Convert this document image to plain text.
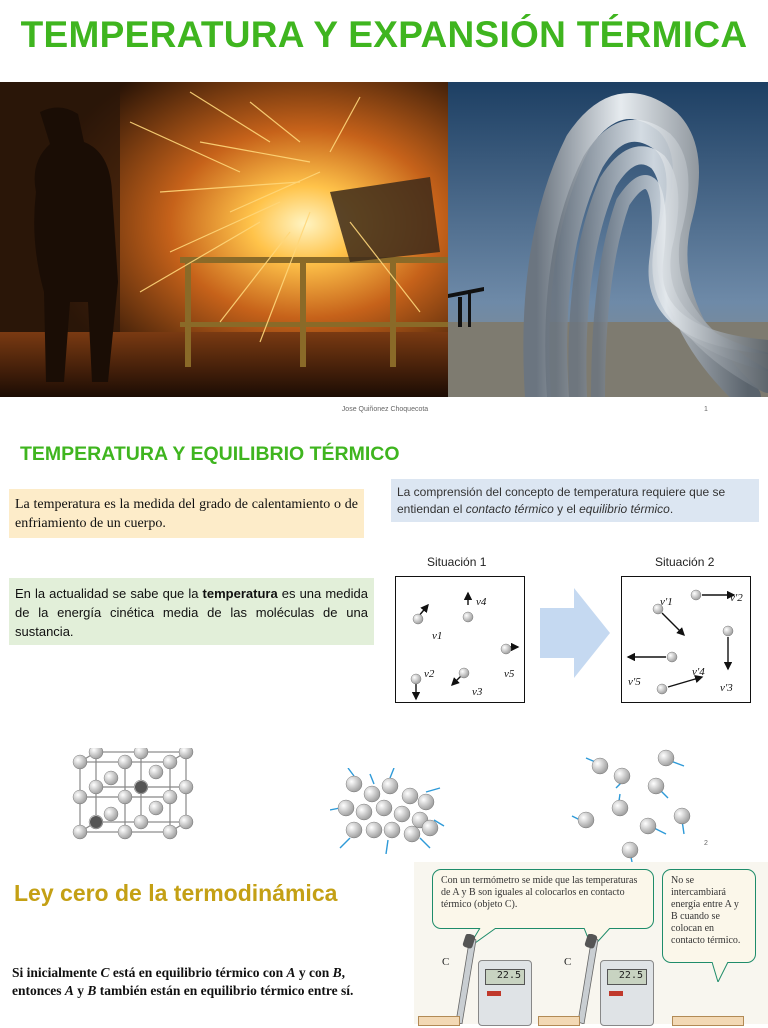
TEMPERATURA Y EXPANSIÓN TÉRMICA
Jose Quiñonez Choquecota	1
TEMPERATURA Y EQUILIBRIO TÉRMICO
La temperatura es la medida del grado de calentamiento o de enfriamiento de un cuerpo.
La comprensión del concepto de temperatura requiere que se entiendan el contacto térmico y el equilibrio térmico.
En la actualidad se sabe que la temperatura es una medida de la energía cinética media de las moléculas de una sustancia.
Situación 1
v1
v2
v3
v4
v5
Situación 2
v'1	v'2
v'3
v'4
v'5
2
Ley cero de la termodinámica
Si inicialmente C está en equilibrio térmico con A y con B, entonces A y B también están en equilibrio térmico entre sí.
Con un termómetro se mide que las temperaturas de A y B son iguales al colocarlos en contacto térmico (objeto C).
No se intercambiará energía entre A y B cuando se colocan en contacto térmico.
C
22.5
C
22.5
